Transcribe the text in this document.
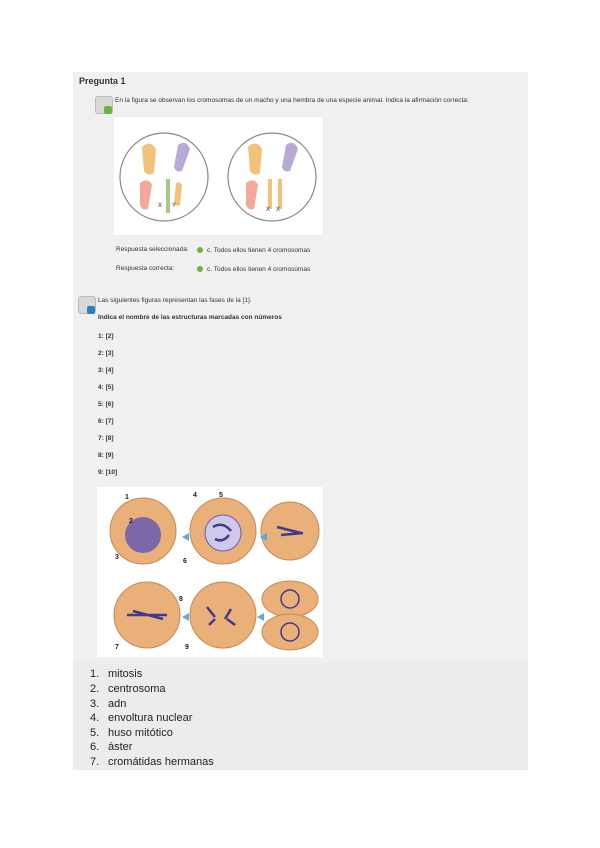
Pregunta 1
En la figura se observan los cromosomas de un macho y una hembra de una especie animal. Indica la afirmación correcta:
X Y
X X
Respuesta seleccionada:	c. Todos ellos tienen 4 cromosomas
Respuesta correcta:	c. Todos ellos tienen 4 cromosomas
Las siguientes figuras representan las fases de la [1].
Indica el nombre de las estructuras marcadas con números
1: [2]
2: [3]
3: [4]
4: [5]
5: [6]
6: [7]
7: [8]
8: [9]
9: [10]
1
2
3
4	5
6
7
8
9
1. mitosis
2. centrosoma
3. adn
4. envoltura nuclear
5. huso mitótico
6. áster
7. cromátidas hermanas
